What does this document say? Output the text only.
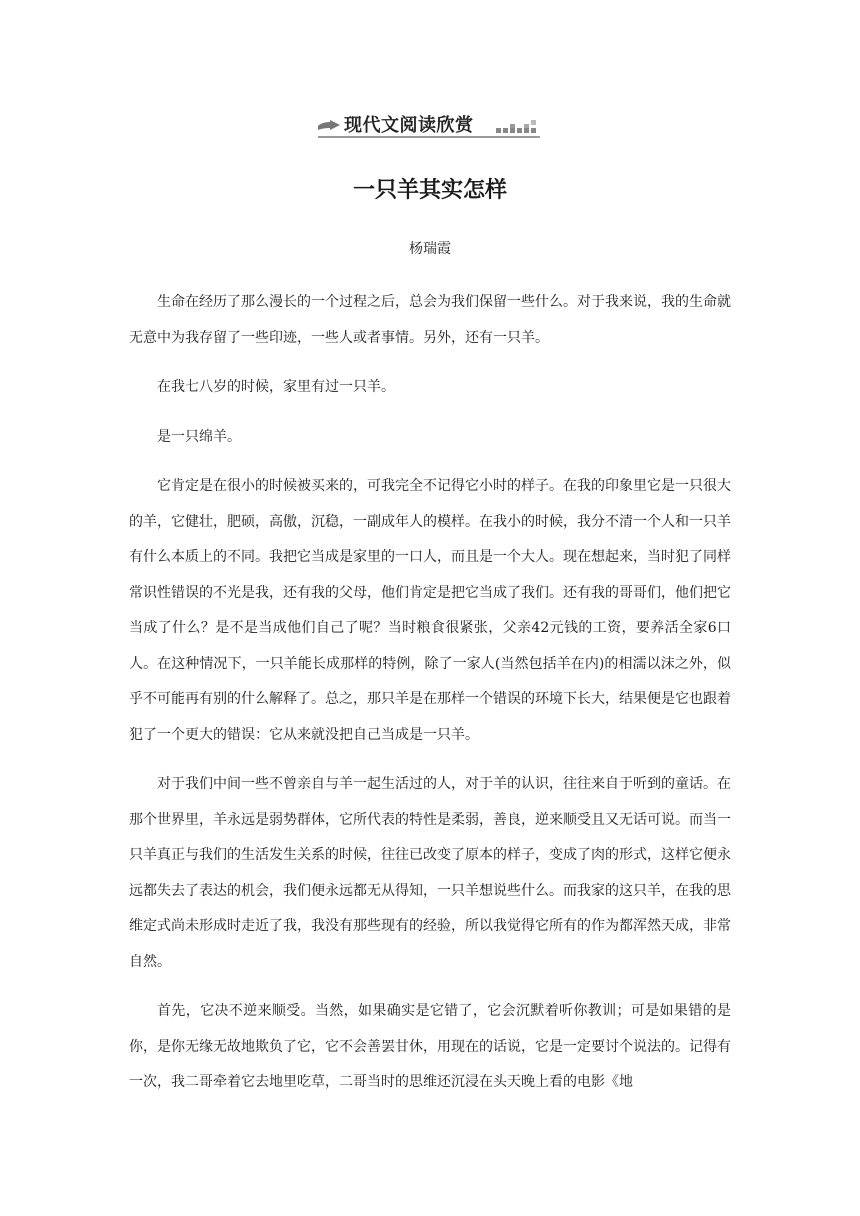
现代文阅读欣赏
一只羊其实怎样
杨瑞霞

生命在经历了那么漫长的一个过程之后，总会为我们保留一些什么。对于我来说，我的生命就无意中为我存留了一些印迹，一些人或者事情。另外，还有一只羊。

在我七八岁的时候，家里有过一只羊。

是一只绵羊。

它肯定是在很小的时候被买来的，可我完全不记得它小时的样子。在我的印象里它是一只很大的羊，它健壮，肥硕，高傲，沉稳，一副成年人的模样。在我小的时候，我分不清一个人和一只羊有什么本质上的不同。我把它当成是家里的一口人，而且是一个大人。现在想起来，当时犯了同样常识性错误的不光是我，还有我的父母，他们肯定是把它当成了我们。还有我的哥哥们，他们把它当成了什么？是不是当成他们自己了呢？当时粮食很紧张，父亲42元钱的工资，要养活全家6口人。在这种情况下，一只羊能长成那样的特例，除了一家人(当然包括羊在内)的相濡以沫之外，似乎不可能再有别的什么解释了。总之，那只羊是在那样一个错误的环境下长大，结果便是它也跟着犯了一个更大的错误：它从来就没把自己当成是一只羊。

对于我们中间一些不曾亲自与羊一起生活过的人，对于羊的认识，往往来自于听到的童话。在那个世界里，羊永远是弱势群体，它所代表的特性是柔弱，善良，逆来顺受且又无话可说。而当一只羊真正与我们的生活发生关系的时候，往往已改变了原本的样子，变成了肉的形式，这样它便永远都失去了表达的机会，我们便永远都无从得知，一只羊想说些什么。而我家的这只羊，在我的思维定式尚未形成时走近了我，我没有那些现有的经验，所以我觉得它所有的作为都浑然天成，非常自然。

首先，它决不逆来顺受。当然，如果确实是它错了，它会沉默着听你教训；可是如果错的是你，是你无缘无故地欺负了它，它不会善罢甘休，用现在的话说，它是一定要讨个说法的。记得有一次，我二哥牵着它去地里吃草，二哥当时的思维还沉浸在头天晚上看的电影《地
